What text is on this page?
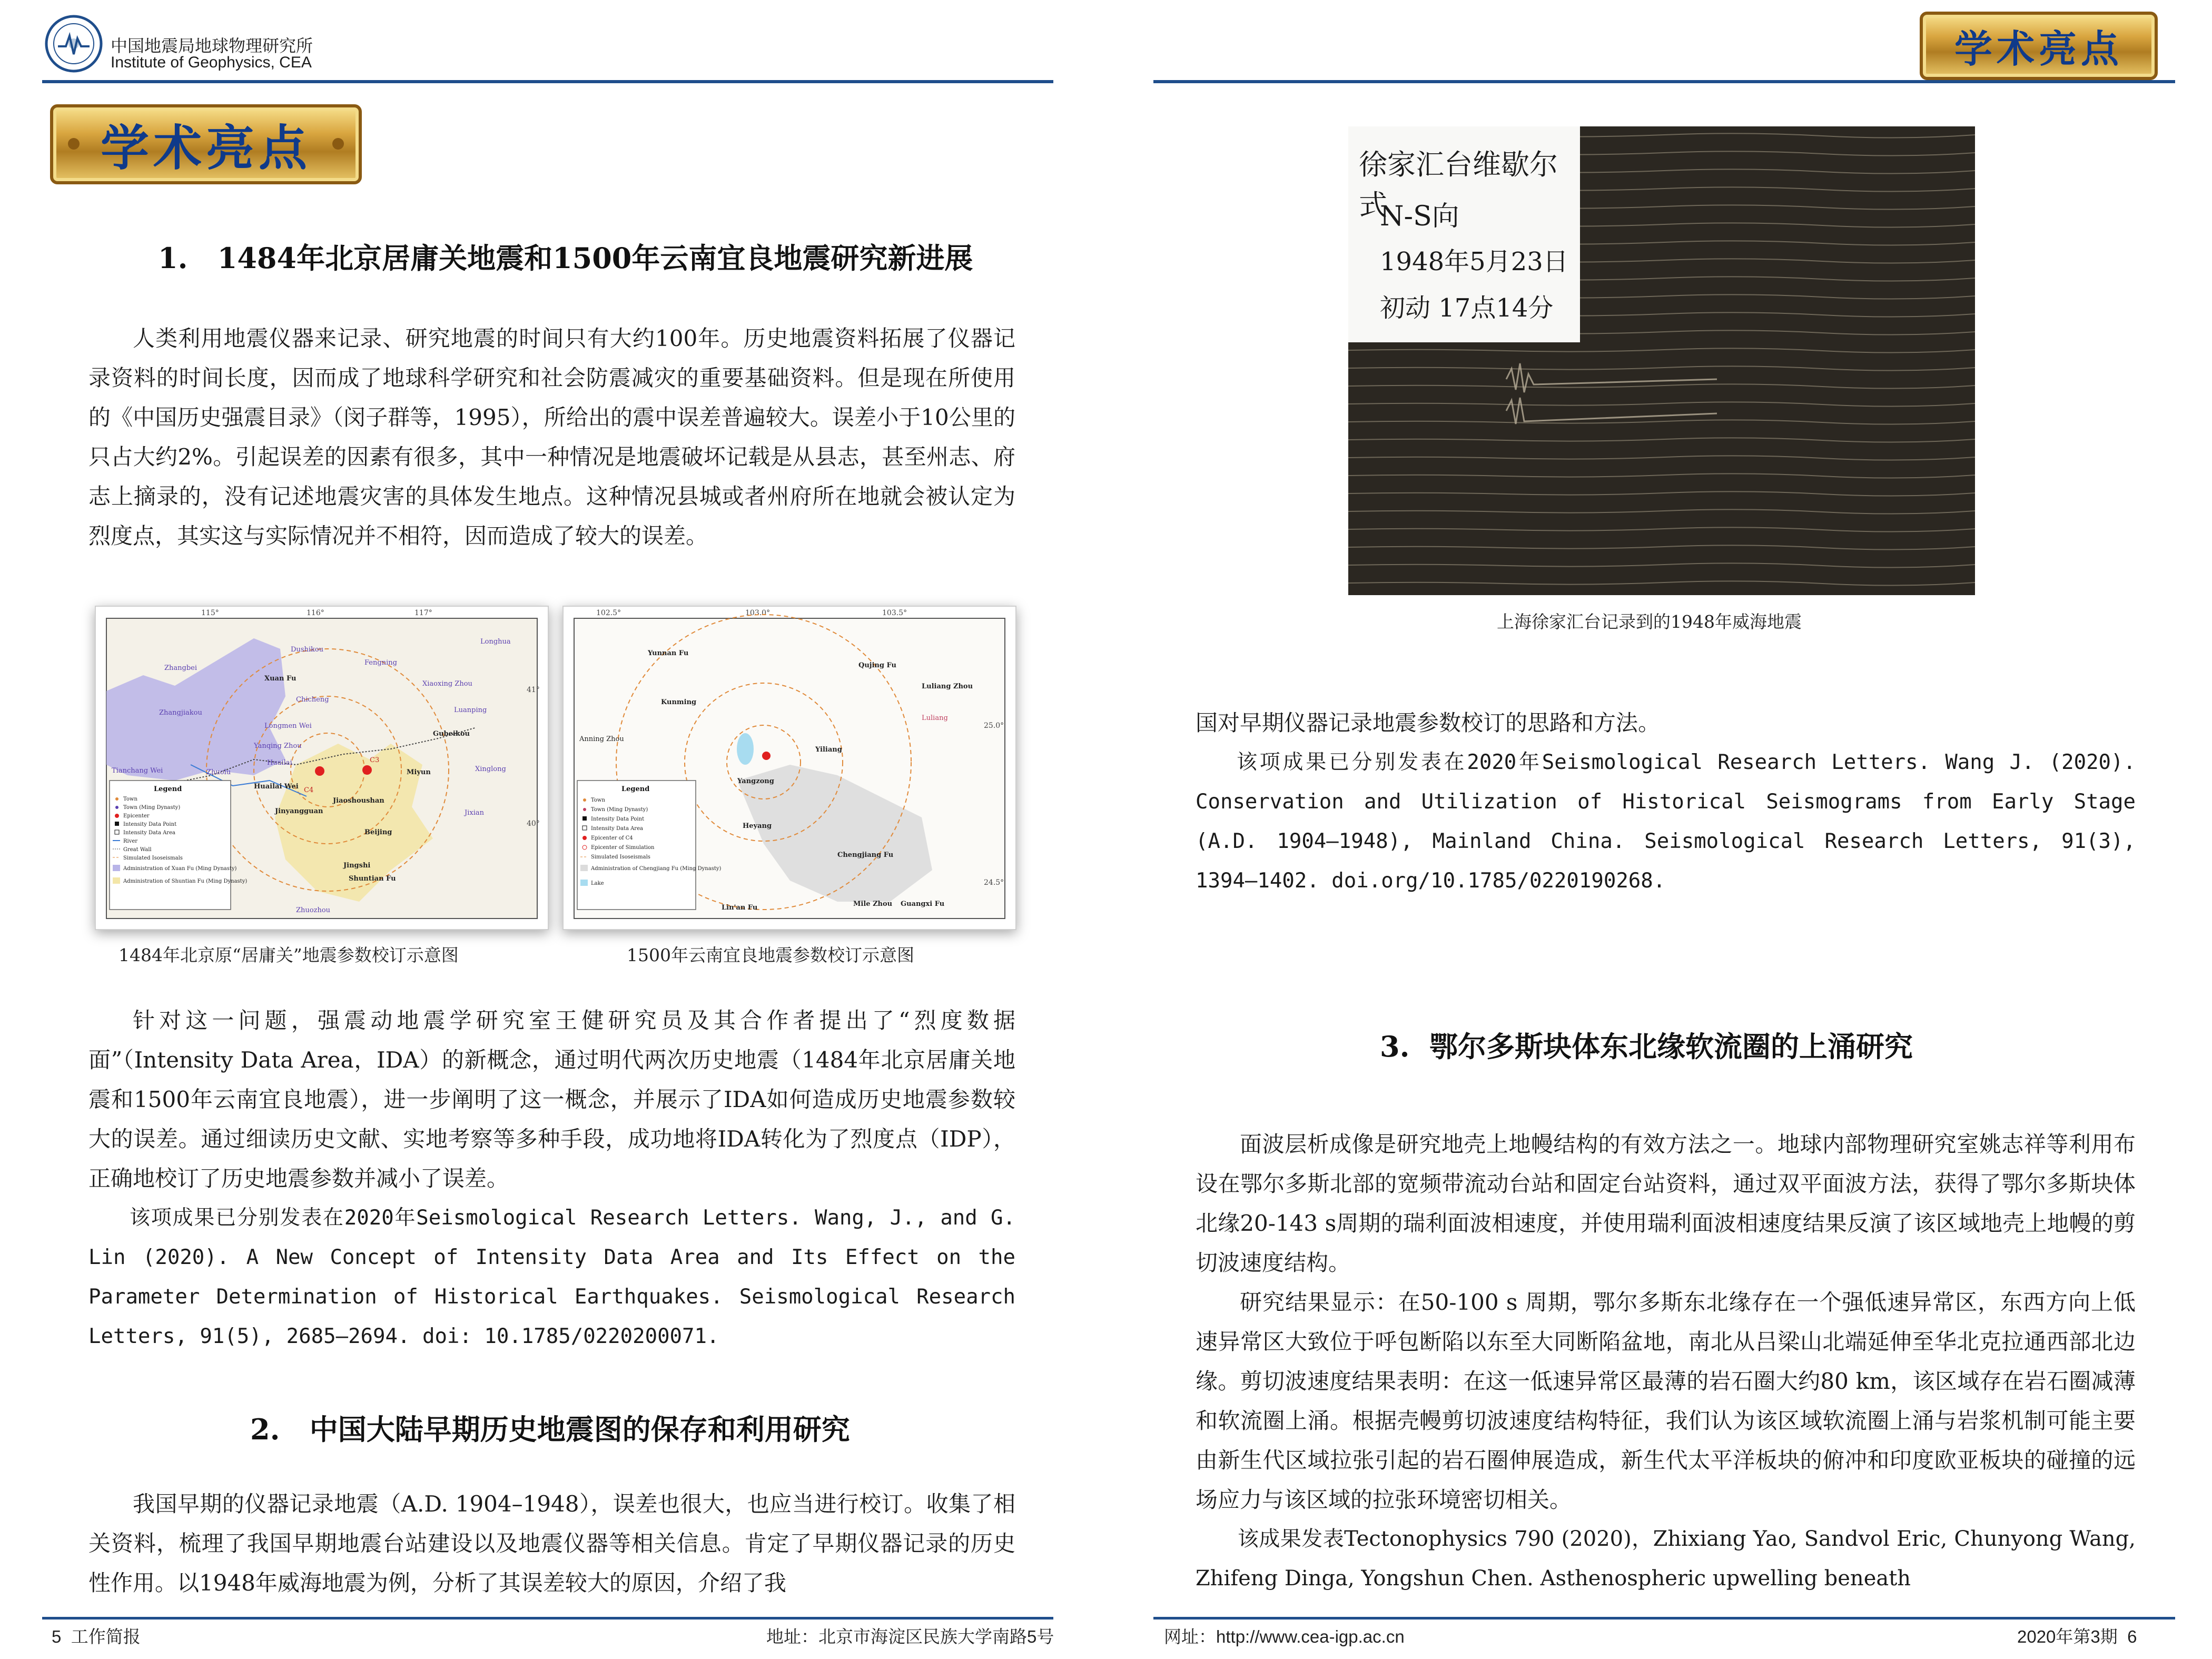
中国地震局地球物理研究所
Institute of Geophysics, CEA	学术亮点
学术亮点
1.   1484年北京居庸关地震和1500年云南宜良地震研究新进展

人类利用地震仪器来记录、研究地震的时间只有大约100年。历史地震资料拓展了仪器记录资料的时间长度，因而成了地球科学研究和社会防震减灾的重要基础资料。但是现在所使用的《中国历史强震目录》（闵子群等，1995），所给出的震中误差普遍较大。误差小于10公里的只占大约2%。引起误差的因素有很多，其中一种情况是地震破坏记载是从县志，甚至州志、府志上摘录的，没有记述地震灾害的具体发生地点。这种情况县城或者州府所在地就会被认定为烈度点，其实这与实际情况并不相符，因而造成了较大的误差。

115°	116°	117°
41°
40°
C4
C3
Zhangbei
Dushikou
Xuan Fu
Chicheng
Fengning
Xiaoxing Zhou
Longhua
Luanping
Gubeikou
Zhangjiakou
Longmen Wei
Yanqing Zhou
Huailai
Miyun
Huailai Wei
Jiaoshoushan
Jinyangguan
Beijing
Shuntian Fu
Jingshi
Xinglong
Jixian
Tianchang Wei	Zhuolu
Zhuozhou
Legend
Town
Town (Ming Dynasty)
Epicenter
Intensity Data Point
Intensity Data Area
River
Great Wall
Simulated Isoseismals
Administration of Xuan Fu (Ming Dynasty)
Administration of Shuntian Fu (Ming Dynasty)
102.5°	103.0°	103.5°
25.0°
24.5°
Yunnan Fu
Qujing Fu
Luliang Zhou
Kunming
Yiliang
Yangzong
Heyang
Chengjiang Fu
Guangxi Fu
Mile Zhou
Lin'an Fu
Luliang
Anning Zhou
Legend
Town
Town (Ming Dynasty)
Intensity Data Point
Intensity Data Area
Epicenter of C4
Epicenter of Simulation
Simulated Isoseismals
Administration of Chengjiang Fu (Ming Dynasty)
Lake
1484年北京原“居庸关”地震参数校订示意图	1500年云南宜良地震参数校订示意图

针对这一问题，强震动地震学研究室王健研究员及其合作者提出了“烈度数据面”（Intensity Data Area，IDA）的新概念，通过明代两次历史地震（1484年北京居庸关地震和1500年云南宜良地震），进一步阐明了这一概念，并展示了IDA如何造成历史地震参数较大的误差。通过细读历史文献、实地考察等多种手段，成功地将IDA转化为了烈度点（IDP），正确地校订了历史地震参数并减小了误差。

该项成果已分别发表在2020年Seismological Research Letters. Wang, J., and G. Lin (2020). A New Concept of Intensity Data Area and Its Effect on the Parameter Determination of Historical Earthquakes. Seismological Research Letters, 91(5), 2685–2694. doi: 10.1785/0220200071.

2.   中国大陆早期历史地震图的保存和利用研究

我国早期的仪器记录地震（A.D. 1904–1948），误差也很大，也应当进行校订。收集了相关资料，梳理了我国早期地震台站建设以及地震仪器等相关信息。肯定了早期仪器记录的历史性作用。以1948年威海地震为例，分析了其误差较大的原因，介绍了我

徐家汇台维歇尔式
N-S向
1948年5月23日
初动 17点14分
上海徐家汇台记录到的1948年威海地震

国对早期仪器记录地震参数校订的思路和方法。

该项成果已分别发表在2020年Seismological Research Letters. Wang J. (2020). Conservation and Utilization of Historical Seismograms from Early Stage (A.D. 1904–1948), Mainland China. Seismological Research Letters, 91(3), 1394–1402. doi.org/10.1785/0220190268.

3.  鄂尔多斯块体东北缘软流圈的上涌研究

面波层析成像是研究地壳上地幔结构的有效方法之一。地球内部物理研究室姚志祥等利用布设在鄂尔多斯北部的宽频带流动台站和固定台站资料，通过双平面波方法，获得了鄂尔多斯块体北缘20-143 s周期的瑞利面波相速度，并使用瑞利面波相速度结果反演了该区域地壳上地幔的剪切波速度结构。

研究结果显示：在50-100 s 周期，鄂尔多斯东北缘存在一个强低速异常区，东西方向上低速异常区大致位于呼包断陷以东至大同断陷盆地，南北从吕梁山北端延伸至华北克拉通西部北边缘。剪切波速度结果表明：在这一低速异常区最薄的岩石圈大约80 km，该区域存在岩石圈减薄和软流圈上涌。根据壳幔剪切波速度结构特征，我们认为该区域软流圈上涌与岩浆机制可能主要由新生代区域拉张引起的岩石圈伸展造成，新生代太平洋板块的俯冲和印度欧亚板块的碰撞的远场应力与该区域的拉张环境密切相关。

该成果发表Tectonophysics 790 (2020)，Zhixiang Yao, Sandvol Eric, Chunyong Wang, Zhifeng Dinga, Yongshun Chen. Asthenospheric upwelling beneath

5  工作简报	地址：北京市海淀区民族大学南路5号	网址：http://www.cea-igp.ac.cn	2020年第3期  6
